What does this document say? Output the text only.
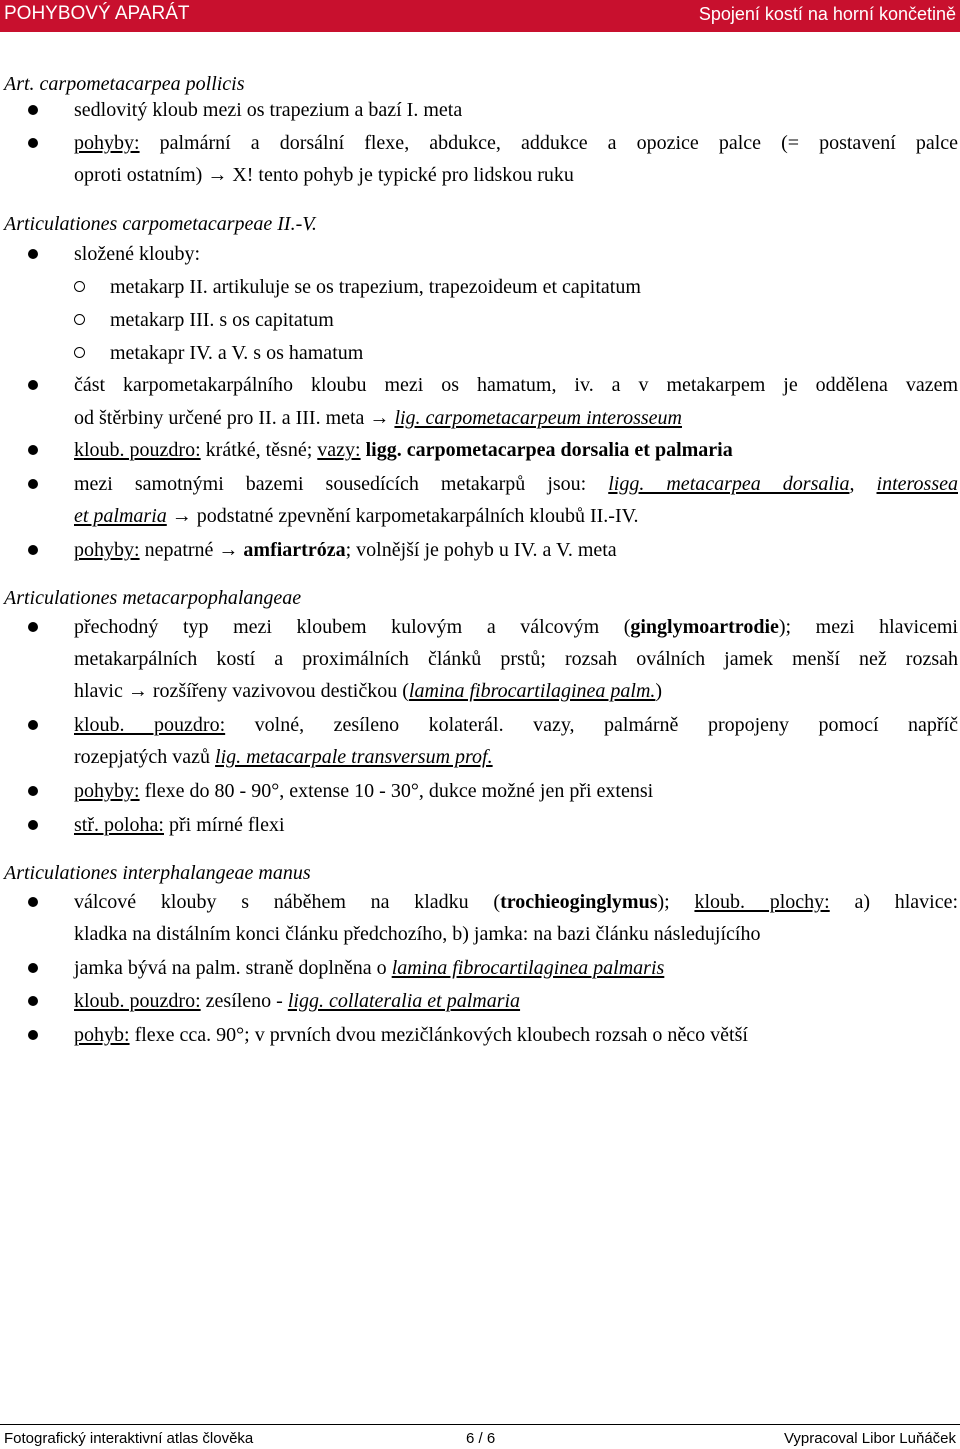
POHYBOVÝ APARÁT	Spojení kostí na horní končetině
Art. carpometacarpea pollicis
sedlovitý kloub mezi os trapezium a bazí I. meta
pohyby: palmární a dorsální flexe, abdukce, addukce a opozice palce (= postavení palce
oproti ostatním) → X! tento pohyb je typické pro lidskou ruku
Articulationes carpometacarpeae II.-V.
složené klouby:
metakarp II. artikuluje se os trapezium, trapezoideum et capitatum
metakarp III. s os capitatum
metakapr IV. a V. s os hamatum
část karpometakarpálního kloubu mezi os hamatum, iv. a v metakarpem je oddělena vazem
od štěrbiny určené pro II. a III. meta → lig. carpometacarpeum interosseum
kloub. pouzdro: krátké, těsné; vazy: ligg. carpometacarpea dorsalia et palmaria
mezi samotnými bazemi sousedících metakarpů jsou: ligg. metacarpea dorsalia, interossea
et palmaria → podstatné zpevnění karpometakarpálních kloubů II.-IV.
pohyby: nepatrné → amfiartróza; volnější je pohyb u IV. a V. meta
Articulationes metacarpophalangeae
přechodný typ mezi kloubem kulovým a válcovým (ginglymoartrodie); mezi hlavicemi
metakarpálních kostí a proximálních článků prstů; rozsah oválních jamek menší než rozsah
hlavic → rozšířeny vazivovou destičkou (lamina fibrocartilaginea palm.)
kloub. pouzdro: volné, zesíleno kolaterál. vazy, palmárně propojeny pomocí napříč
rozepjatých vazů lig. metacarpale transversum prof.
pohyby: flexe do 80 - 90°, extense 10 - 30°, dukce možné jen při extensi
stř. poloha: při mírné flexi
Articulationes interphalangeae manus
válcové klouby s náběhem na kladku (trochieoginglymus); kloub. plochy: a) hlavice:
kladka na distálním konci článku předchozího, b) jamka: na bazi článku následujícího
jamka bývá na palm. straně doplněna o lamina fibrocartilaginea palmaris
kloub. pouzdro: zesíleno - ligg. collateralia et palmaria
pohyb: flexe cca. 90°; v prvních dvou mezičlánkových kloubech rozsah o něco větší
Fotografický interaktivní atlas člověka	6 / 6	Vypracoval Libor Luňáček
